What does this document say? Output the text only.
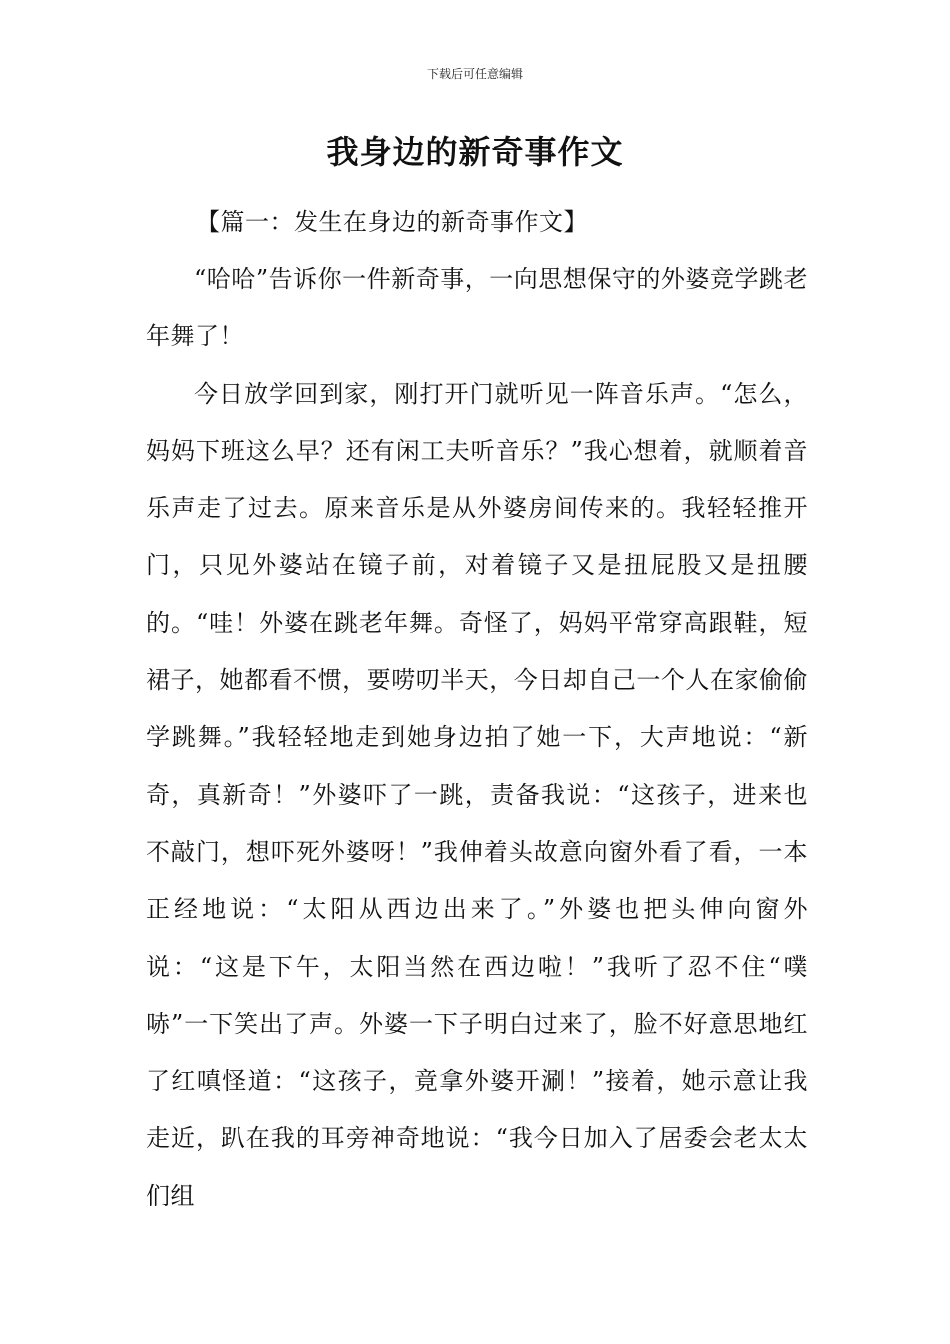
下载后可任意编辑
我身边的新奇事作文

【篇一：发生在身边的新奇事作文】

“哈哈”告诉你一件新奇事，一向思想保守的外婆竞学跳老年舞了！

今日放学回到家，刚打开门就听见一阵音乐声。“怎么，妈妈下班这么早？还有闲工夫听音乐？”我心想着，就顺着音乐声走了过去。原来音乐是从外婆房间传来的。我轻轻推开门，只见外婆站在镜子前，对着镜子又是扭屁股又是扭腰的。“哇！外婆在跳老年舞。奇怪了，妈妈平常穿高跟鞋，短裙子，她都看不惯，要唠叨半天，今日却自己一个人在家偷偷学跳舞。”我轻轻地走到她身边拍了她一下，大声地说：“新奇，真新奇！”外婆吓了一跳，责备我说：“这孩子，进来也不敲门，想吓死外婆呀！”我伸着头故意向窗外看了看，一本正经地说：“太阳从西边出来了。”外婆也把头伸向窗外说：“这是下午，太阳当然在西边啦！”我听了忍不住“噗哧”一下笑出了声。外婆一下子明白过来了，脸不好意思地红了红嗔怪道：“这孩子，竟拿外婆开涮！”接着，她示意让我走近，趴在我的耳旁神奇地说：“我今日加入了居委会老太太们组
